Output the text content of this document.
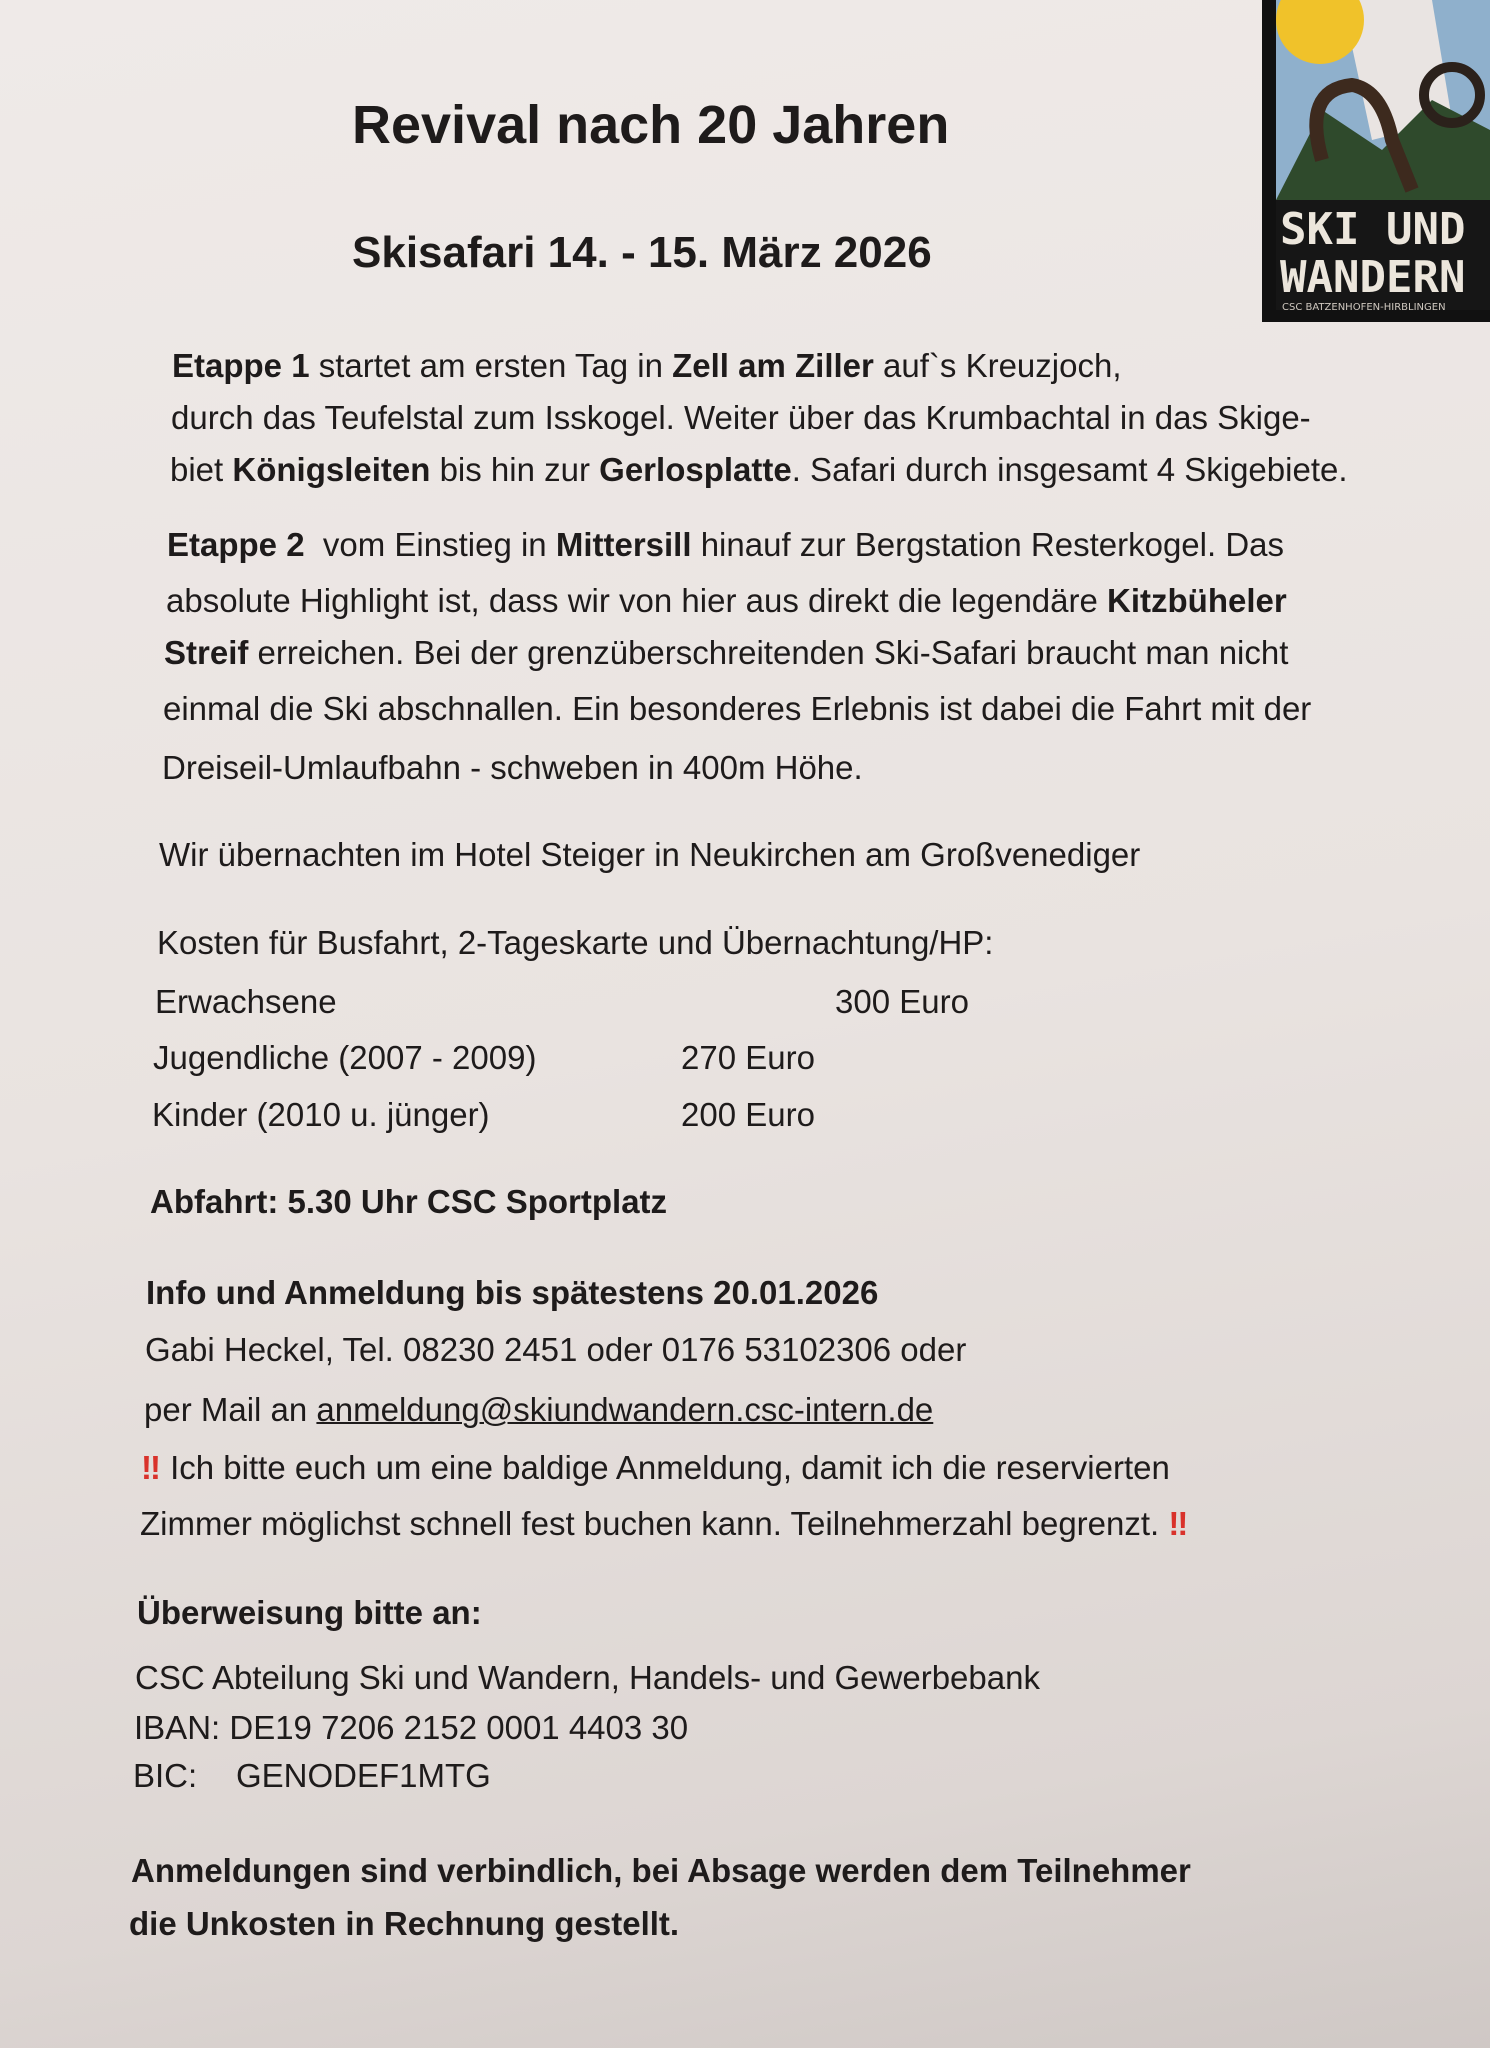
Revival nach 20 Jahren
Skisafari 14. - 15. März 2026	SKI UND
WANDERN
CSC BATZENHOFEN-HIRBLINGEN
Etappe 1 startet am ersten Tag in Zell am Ziller auf`s Kreuzjoch,
durch das Teufelstal zum Isskogel. Weiter über das Krumbachtal in das Skige-
biet Königsleiten bis hin zur Gerlosplatte. Safari durch insgesamt 4 Skigebiete.
Etappe 2  vom Einstieg in Mittersill hinauf zur Bergstation Resterkogel. Das
absolute Highlight ist, dass wir von hier aus direkt die legendäre Kitzbüheler
Streif erreichen. Bei der grenzüberschreitenden Ski-Safari braucht man nicht
einmal die Ski abschnallen. Ein besonderes Erlebnis ist dabei die Fahrt mit der
Dreiseil-Umlaufbahn - schweben in 400m Höhe.
Wir übernachten im Hotel Steiger in Neukirchen am Großvenediger
Kosten für Busfahrt, 2-Tageskarte und Übernachtung/HP:
Erwachsene	300 Euro
Jugendliche (2007 - 2009)	270 Euro
Kinder (2010 u. jünger)	200 Euro
Abfahrt: 5.30 Uhr CSC Sportplatz
Info und Anmeldung bis spätestens 20.01.2026
Gabi Heckel, Tel. 08230 2451 oder 0176 53102306 oder
per Mail an anmeldung@skiundwandern.csc-intern.de
‼ Ich bitte euch um eine baldige Anmeldung, damit ich die reservierten
Zimmer möglichst schnell fest buchen kann. Teilnehmerzahl begrenzt. ‼
Überweisung bitte an:
CSC Abteilung Ski und Wandern, Handels- und Gewerbebank
IBAN: DE19 7206 2152 0001 4403 30
BIC: GENODEF1MTG
Anmeldungen sind verbindlich, bei Absage werden dem Teilnehmer
die Unkosten in Rechnung gestellt.
